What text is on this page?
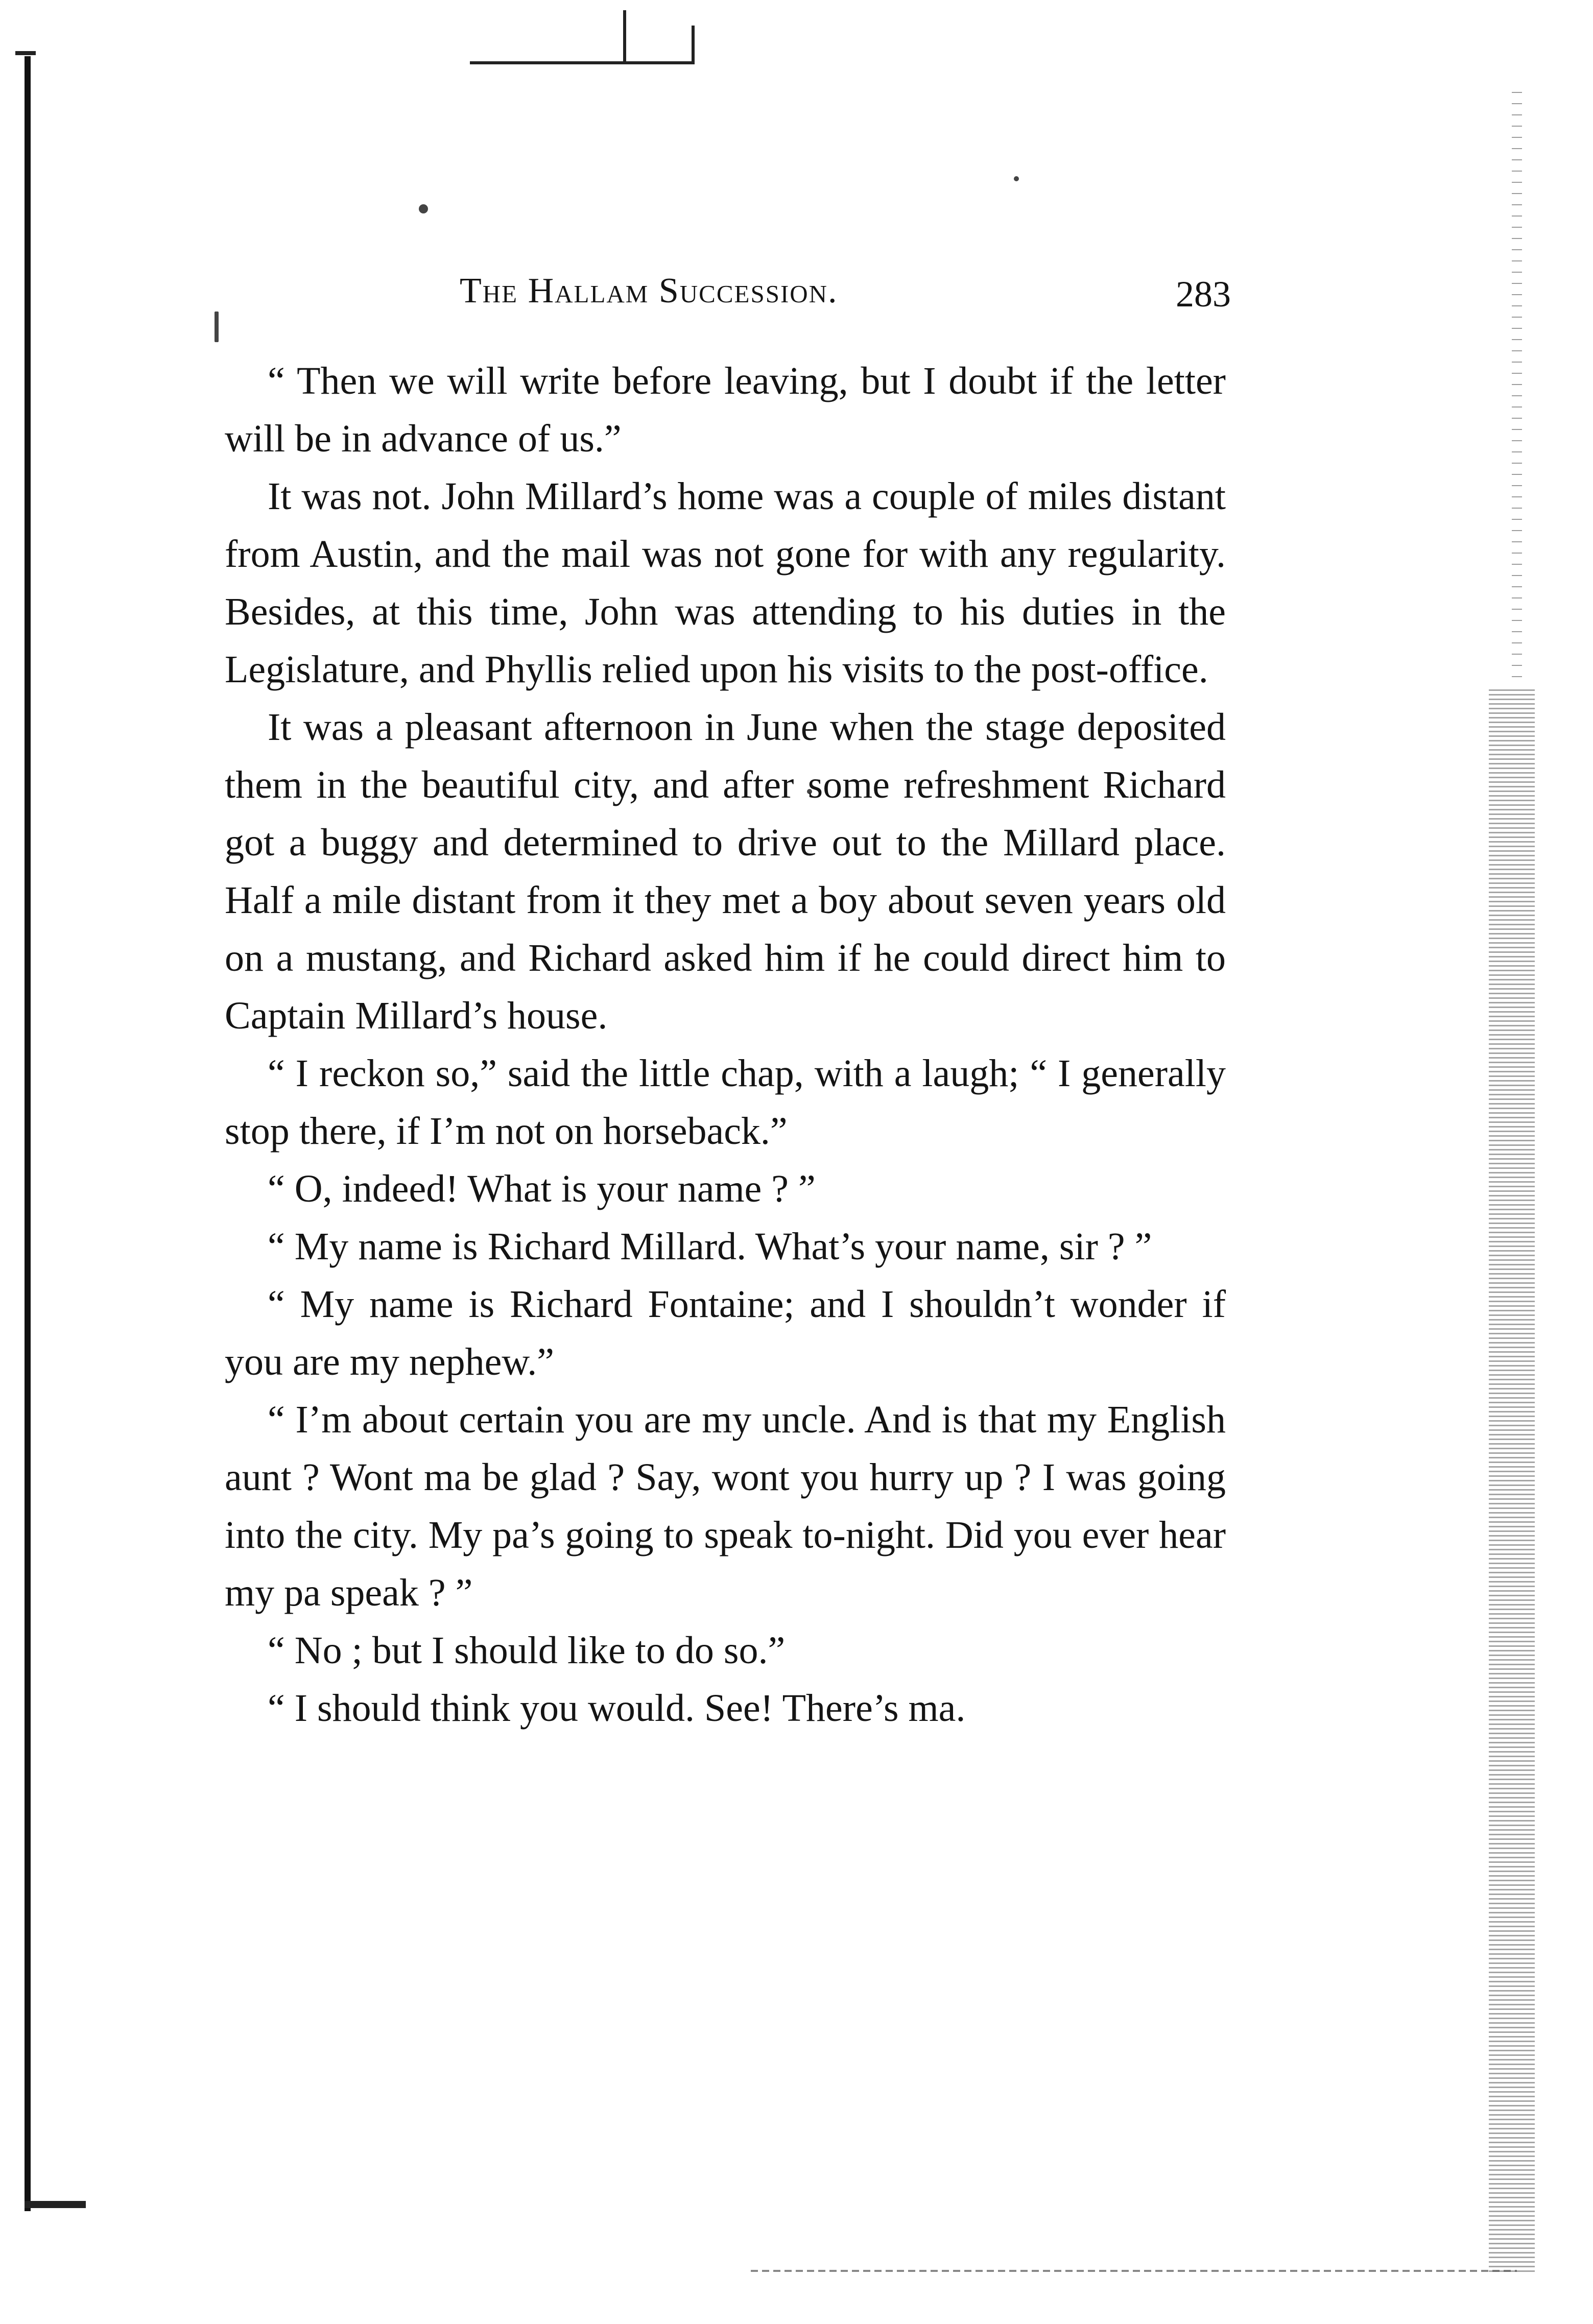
The Hallam Succession.	283

“ Then we will write before leaving, but I doubt if the letter will be in advance of us.”

It was not. John Millard’s home was a couple of miles distant from Austin, and the mail was not gone for with any regularity. Besides, at this time, John was attending to his duties in the Legislature, and Phyllis relied upon his visits to the post-office.

It was a pleasant afternoon in June when the stage deposited them in the beautiful city, and after some refreshment Richard got a buggy and determined to drive out to the Millard place. Half a mile distant from it they met a boy about seven years old on a mustang, and Richard asked him if he could direct him to Captain Millard’s house.

“ I reckon so,” said the little chap, with a laugh; “ I generally stop there, if I’m not on horseback.”

“ O, indeed! What is your name ? ”

“ My name is Richard Millard. What’s your name, sir ? ”

“ My name is Richard Fontaine; and I shouldn’t wonder if you are my nephew.”

“ I’m about certain you are my uncle. And is that my English aunt ? Wont ma be glad ? Say, wont you hurry up ? I was going into the city. My pa’s going to speak to-night. Did you ever hear my pa speak ? ”

“ No ; but I should like to do so.”

“ I should think you would. See! There’s ma.
